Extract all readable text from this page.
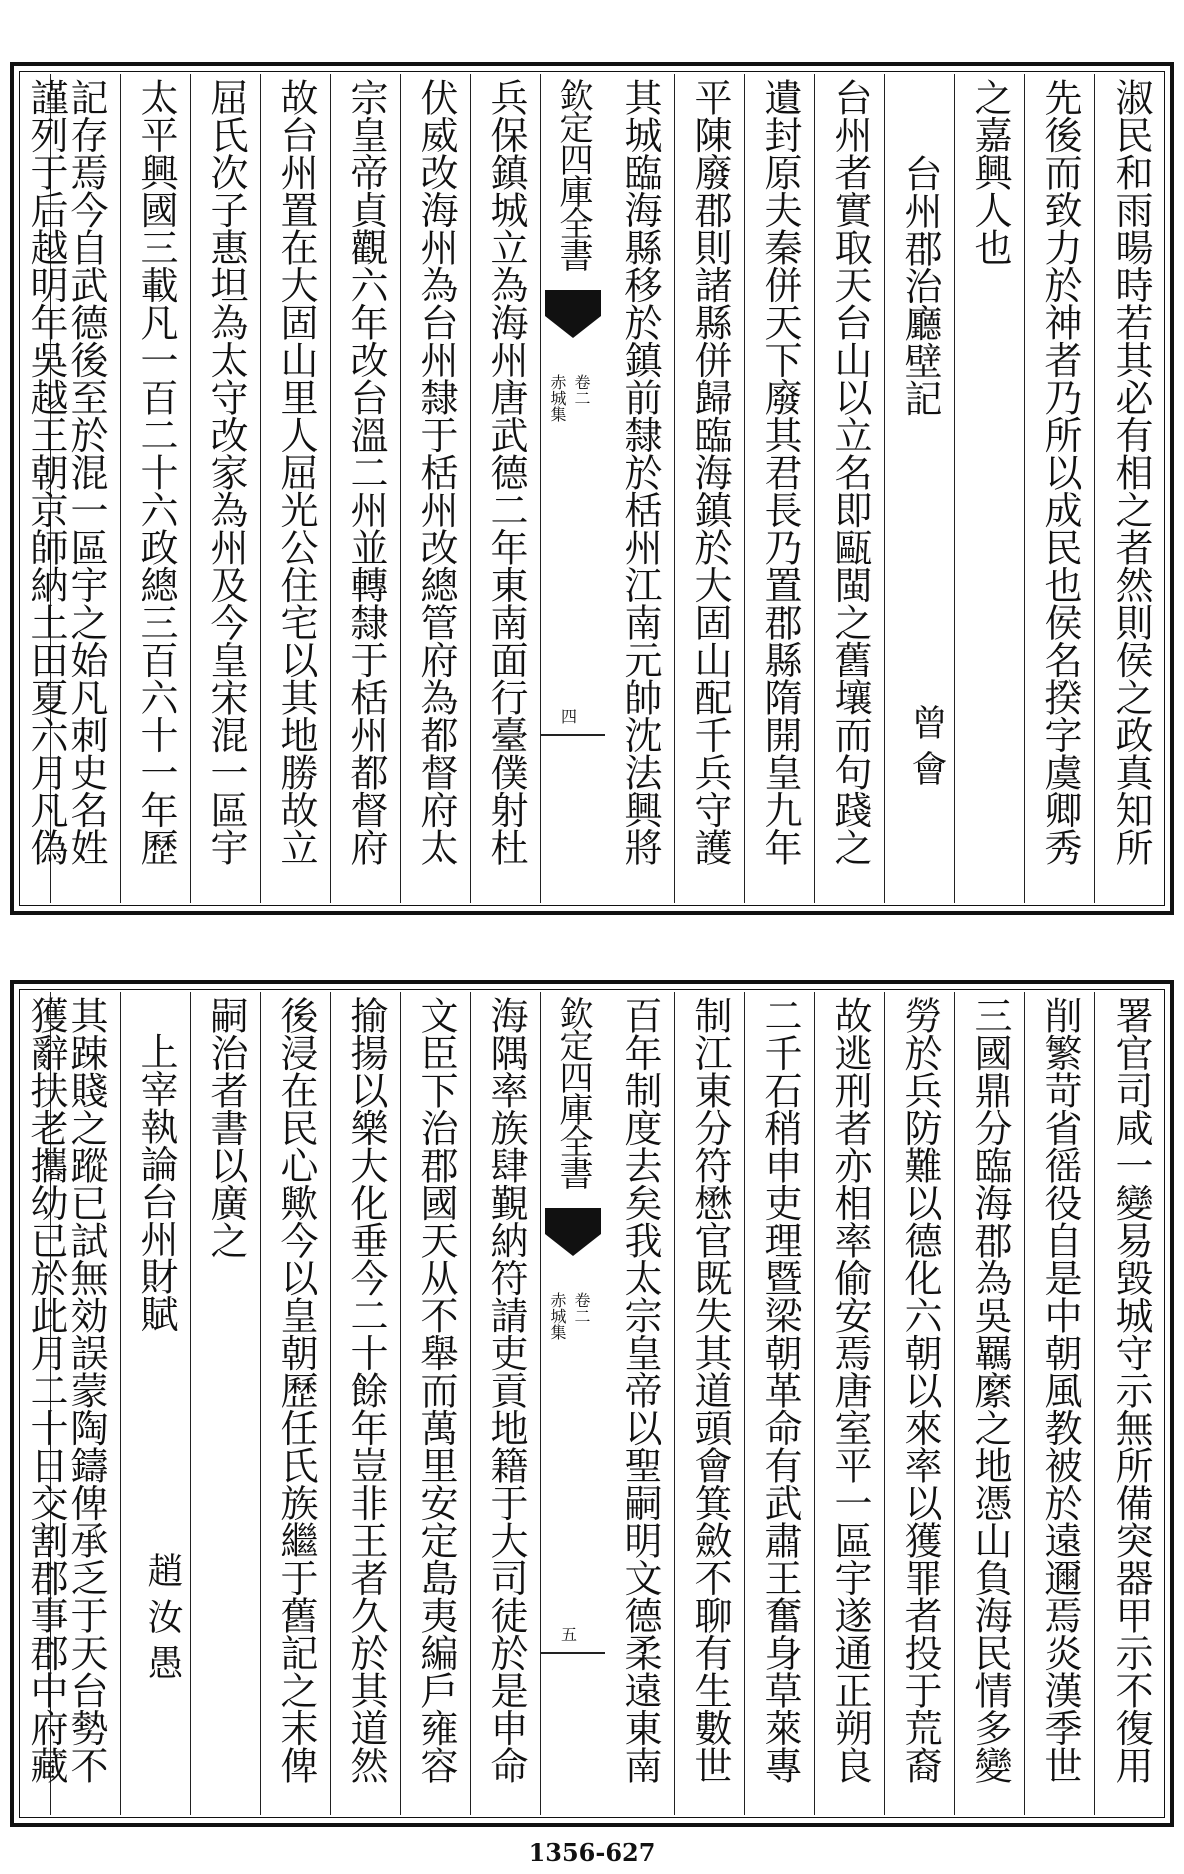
淑民和雨暘時若其必有相之者然則侯之政真知所
先後而致力於神者乃所以成民也侯名揆字虞卿秀
之嘉興人也
台州郡治廳壁記
曾會
台州者實取天台山以立名即甌閩之舊壤而句踐之
遺封原夫秦併天下廢其君長乃置郡縣隋開皇九年
平陳廢郡則諸縣併歸臨海鎮於大固山配千兵守護
其城臨海縣移於鎮前隸於栝州江南元帥沈法興將
欽定四庫全書
赤城集 卷二
四
兵保鎮城立為海州唐武德二年東南面行臺僕射杜
伏威改海州為台州隸于栝州改總管府為都督府太
宗皇帝貞觀六年改台溫二州並轉隸于栝州都督府
故台州置在大固山里人屈光公住宅以其地勝故立
屈氏次子惠坦為太守改家為州及今皇宋混一區宇
太平興國三載凡一百二十六政總三百六十一年歷
記存焉今自武德後至於混一區宇之始凡刺史名姓
謹列于后越明年吳越王朝京師納土田夏六月凡偽
署官司咸一變易毀城守示無所備突器甲示不復用
削繁苛省徭役自是中朝風教被於遠邇焉炎漢季世
三國鼎分臨海郡為吳羈縻之地憑山負海民情多變
勞於兵防難以德化六朝以來率以獲罪者投于荒裔
故逃刑者亦相率偷安焉唐室平一區宇遂通正朔良
二千石稍申吏理暨梁朝革命有武肅王奮身草萊專
制江東分符懋官既失其道頭會箕斂不聊有生數世
百年制度去矣我太宗皇帝以聖嗣明文德柔遠東南
欽定四庫全書
赤城集 卷二
五
海隅率族肆覲納符請吏貢地籍于大司徒於是申命
文臣下治郡國天从不舉而萬里安定島夷編戶雍容
揄揚以樂大化垂今二十餘年豈非王者久於其道然
後浸在民心歟今以皇朝歷任氏族繼于舊記之末俾
嗣治者書以廣之
上宰執論台州財賦
趙汝愚
其踈賤之蹤已試無効誤蒙陶鑄俾承乏于天台勢不
獲辭扶老攜幼已於此月二十日交割郡事郡中府藏
1356-627
